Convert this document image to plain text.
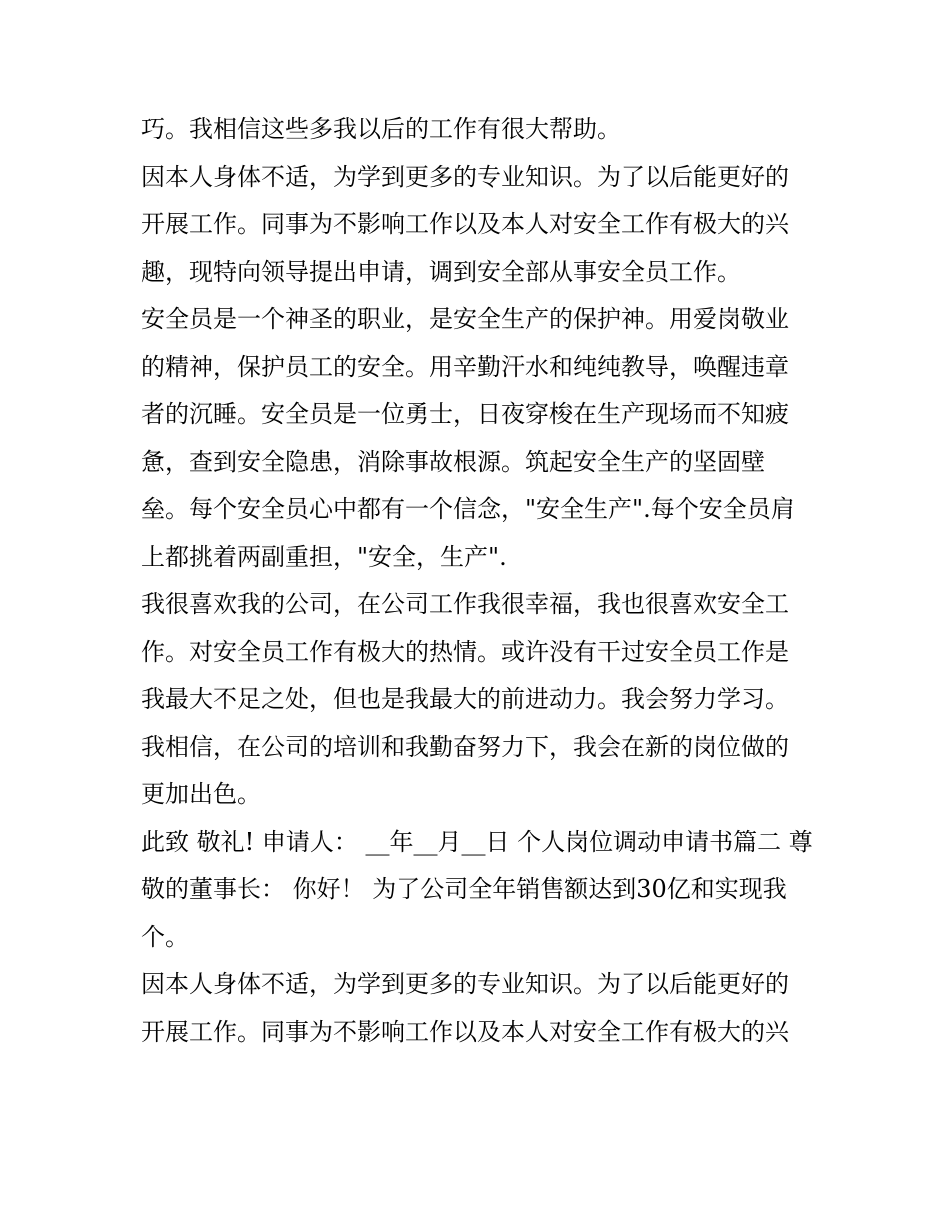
巧。我相信这些多我以后的工作有很大帮助。

因本人身体不适，为学到更多的专业知识。为了以后能更好的
开展工作。同事为不影响工作以及本人对安全工作有极大的兴
趣，现特向领导提出申请，调到安全部从事安全员工作。

安全员是一个神圣的职业，是安全生产的保护神。用爱岗敬业
的精神，保护员工的安全。用辛勤汗水和纯纯教导，唤醒违章
者的沉睡。安全员是一位勇士，日夜穿梭在生产现场而不知疲
惫，查到安全隐患，消除事故根源。筑起安全生产的坚固壁
垒。每个安全员心中都有一个信念，"安全生产".每个安全员肩
上都挑着两副重担，"安全，生产".

我很喜欢我的公司，在公司工作我很幸福，我也很喜欢安全工
作。对安全员工作有极大的热情。或许没有干过安全员工作是
我最大不足之处，但也是我最大的前进动力。我会努力学习。
我相信，在公司的培训和我勤奋努力下，我会在新的岗位做的
更加出色。

此致 敬礼! 申请人： __年__月__日 个人岗位调动申请书篇二 尊
敬的董事长： 你好！ 为了公司全年销售额达到30亿和实现我
个。

因本人身体不适，为学到更多的专业知识。为了以后能更好的
开展工作。同事为不影响工作以及本人对安全工作有极大的兴
